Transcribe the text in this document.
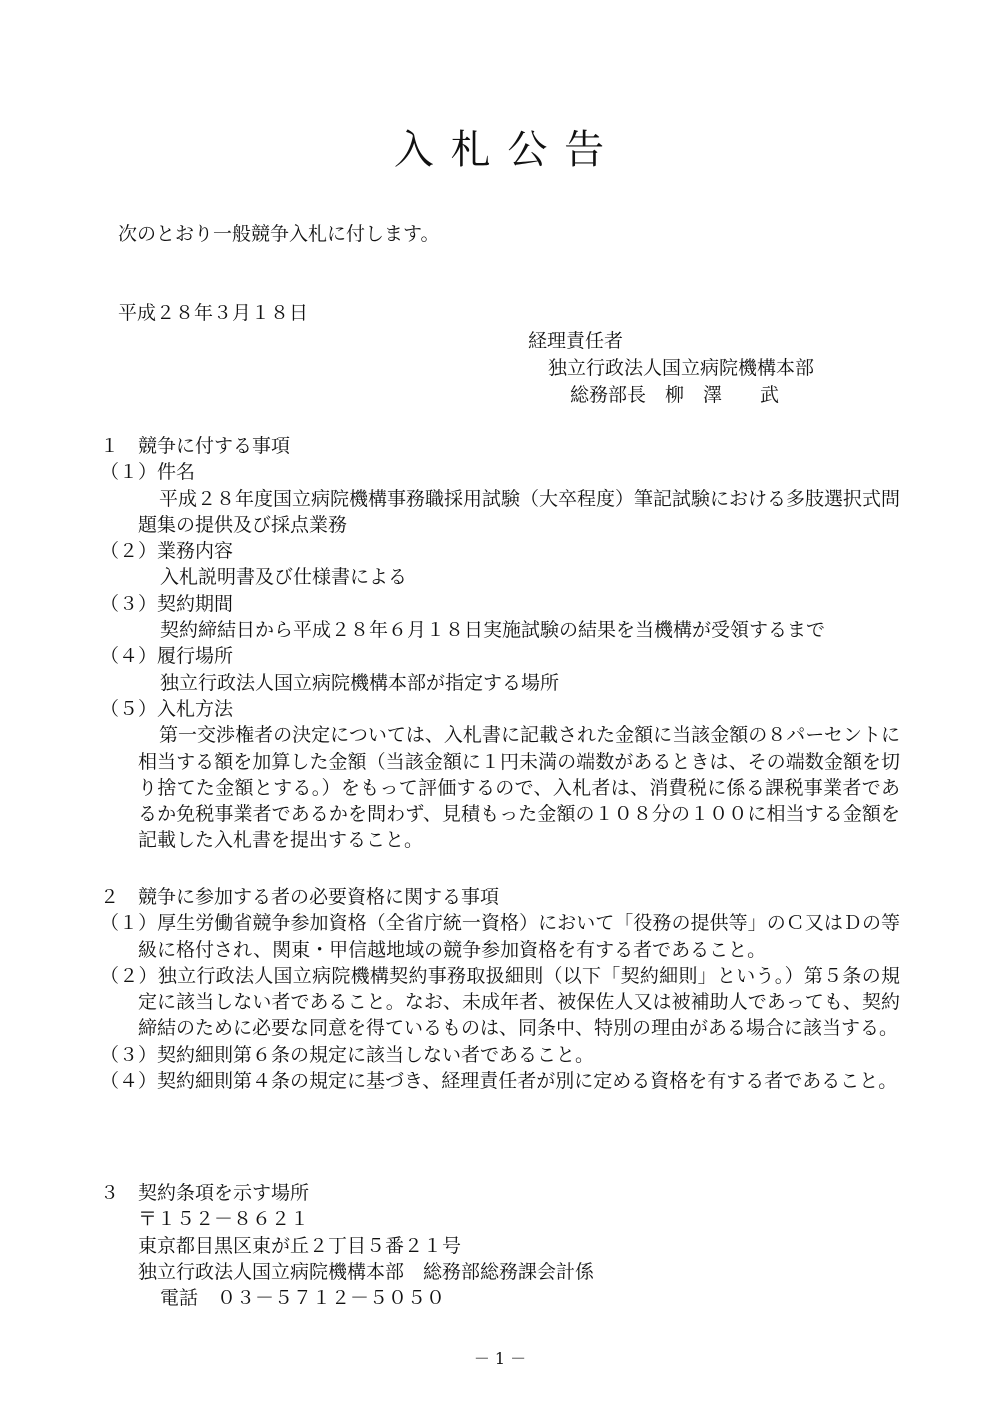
入 札 公 告
次のとおり一般競争入札に付します。
平成２８年３月１８日
経理責任者
独立行政法人国立病院機構本部
総務部長　柳　澤　　武

１　競争に付する事項

（１）件名

平成２８年度国立病院機構事務職採用試験（大卒程度）筆記試験における多肢選択式問題集の提供及び採点業務

（２）業務内容

入札説明書及び仕様書による

（３）契約期間

契約締結日から平成２８年６月１８日実施試験の結果を当機構が受領するまで

（４）履行場所

独立行政法人国立病院機構本部が指定する場所

（５）入札方法

第一交渉権者の決定については、入札書に記載された金額に当該金額の８パーセントに相当する額を加算した金額（当該金額に１円未満の端数があるときは、その端数金額を切り捨てた金額とする。）をもって評価するので、入札者は、消費税に係る課税事業者であるか免税事業者であるかを問わず、見積もった金額の１０８分の１００に相当する金額を記載した入札書を提出すること。

２　競争に参加する者の必要資格に関する事項

（１）厚生労働省競争参加資格（全省庁統一資格）において「役務の提供等」のＣ又はＤの等級に格付され、関東・甲信越地域の競争参加資格を有する者であること。

（２）独立行政法人国立病院機構契約事務取扱細則（以下「契約細則」という。）第５条の規定に該当しない者であること。なお、未成年者、被保佐人又は被補助人であっても、契約締結のために必要な同意を得ているものは、同条中、特別の理由がある場合に該当する。

（３）契約細則第６条の規定に該当しない者であること。

（４）契約細則第４条の規定に基づき、経理責任者が別に定める資格を有する者であること。

３　契約条項を示す場所

〒１５２－８６２１

東京都目黒区東が丘２丁目５番２１号

独立行政法人国立病院機構本部　総務部総務課会計係

電話　０３－５７１２－５０５０

－ 1 －
